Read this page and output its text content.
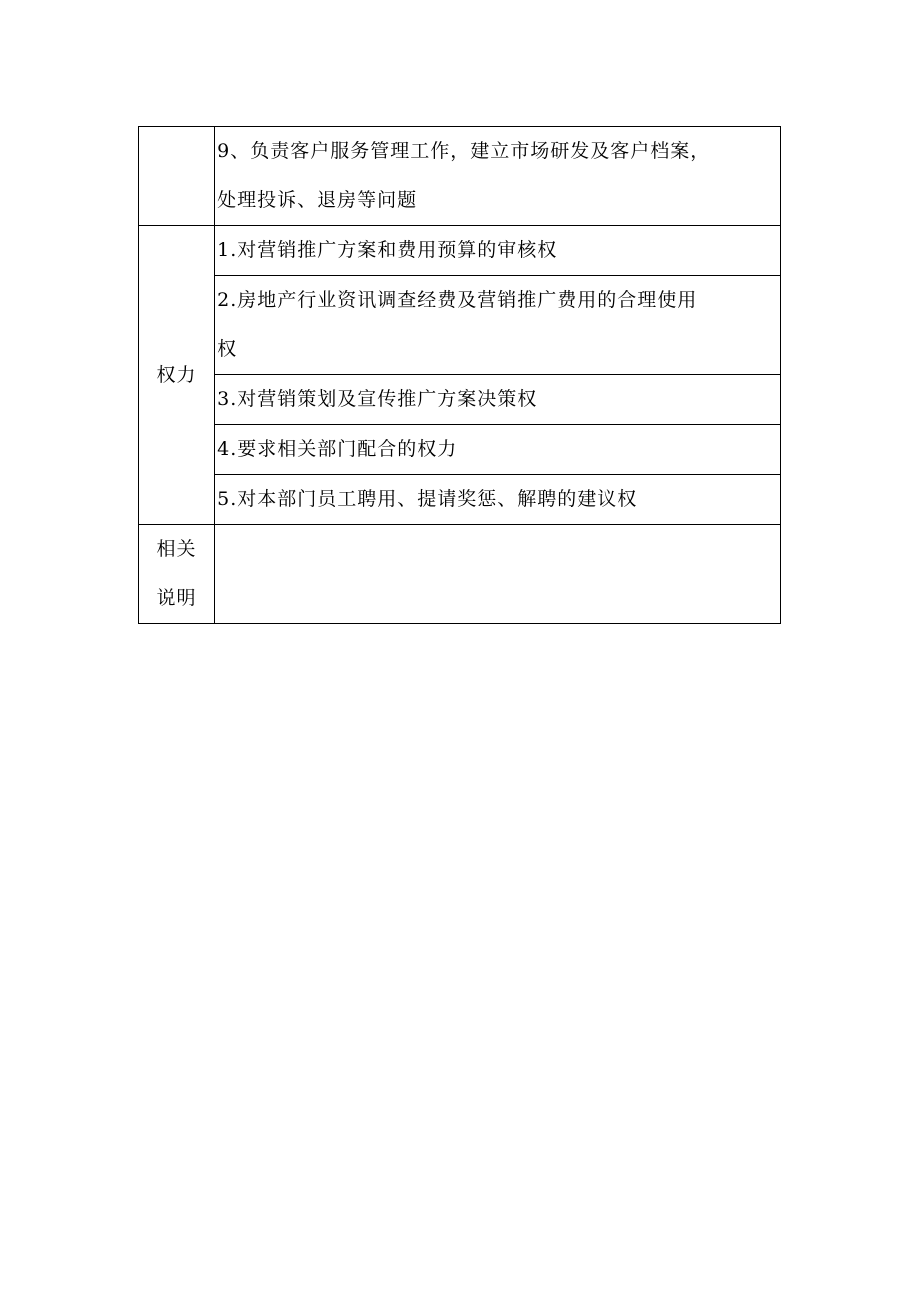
	9、负责客户服务管理工作，建立市场研发及客户档案，
处理投诉、退房等问题

权力	1.对营销推广方案和费用预算的审核权

	2.房地产行业资讯调查经费及营销推广费用的合理使用
权

	3.对营销策划及宣传推广方案决策权

	4.要求相关部门配合的权力

	5.对本部门员工聘用、提请奖惩、解聘的建议权

相关
说明	
